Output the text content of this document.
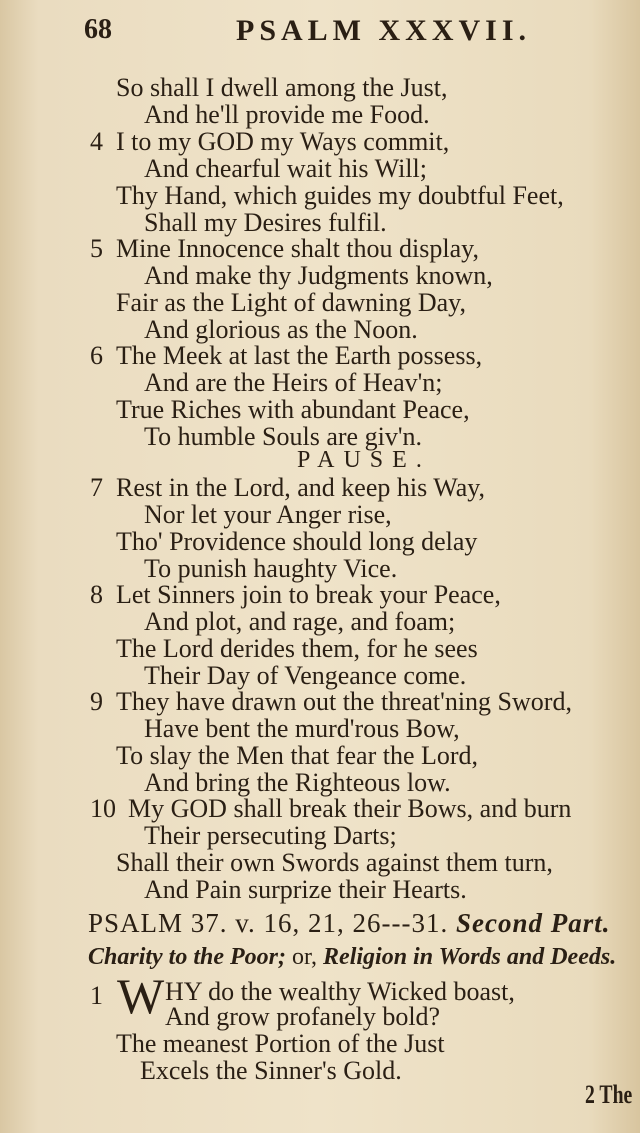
68	PSALM XXXVII.
So shall I dwell among the Just,
And he'll provide me Food.
4 I to my GOD my Ways commit,
And chearful wait his Will;
Thy Hand, which guides my doubtful Feet,
Shall my Desires fulfil.
5 Mine Innocence shalt thou display,
And make thy Judgments known,
Fair as the Light of dawning Day,
And glorious as the Noon.
6 The Meek at last the Earth possess,
And are the Heirs of Heav'n;
True Riches with abundant Peace,
To humble Souls are giv'n.
PAUSE.
7 Rest in the Lord, and keep his Way,
Nor let your Anger rise,
Tho' Providence should long delay
To punish haughty Vice.
8 Let Sinners join to break your Peace,
And plot, and rage, and foam;
The Lord derides them, for he sees
Their Day of Vengeance come.
9 They have drawn out the threat'ning Sword,
Have bent the murd'rous Bow,
To slay the Men that fear the Lord,
And bring the Righteous low.
10 My GOD shall break their Bows, and burn
Their persecuting Darts;
Shall their own Swords against them turn,
And Pain surprize their Hearts.
PSALM 37. v. 16, 21, 26---31. Second Part.
Charity to the Poor; or, Religion in Words and Deeds.
1 W HY do the wealthy Wicked boast,
And grow profanely bold?
The meanest Portion of the Just
Excels the Sinner's Gold.
2 The
